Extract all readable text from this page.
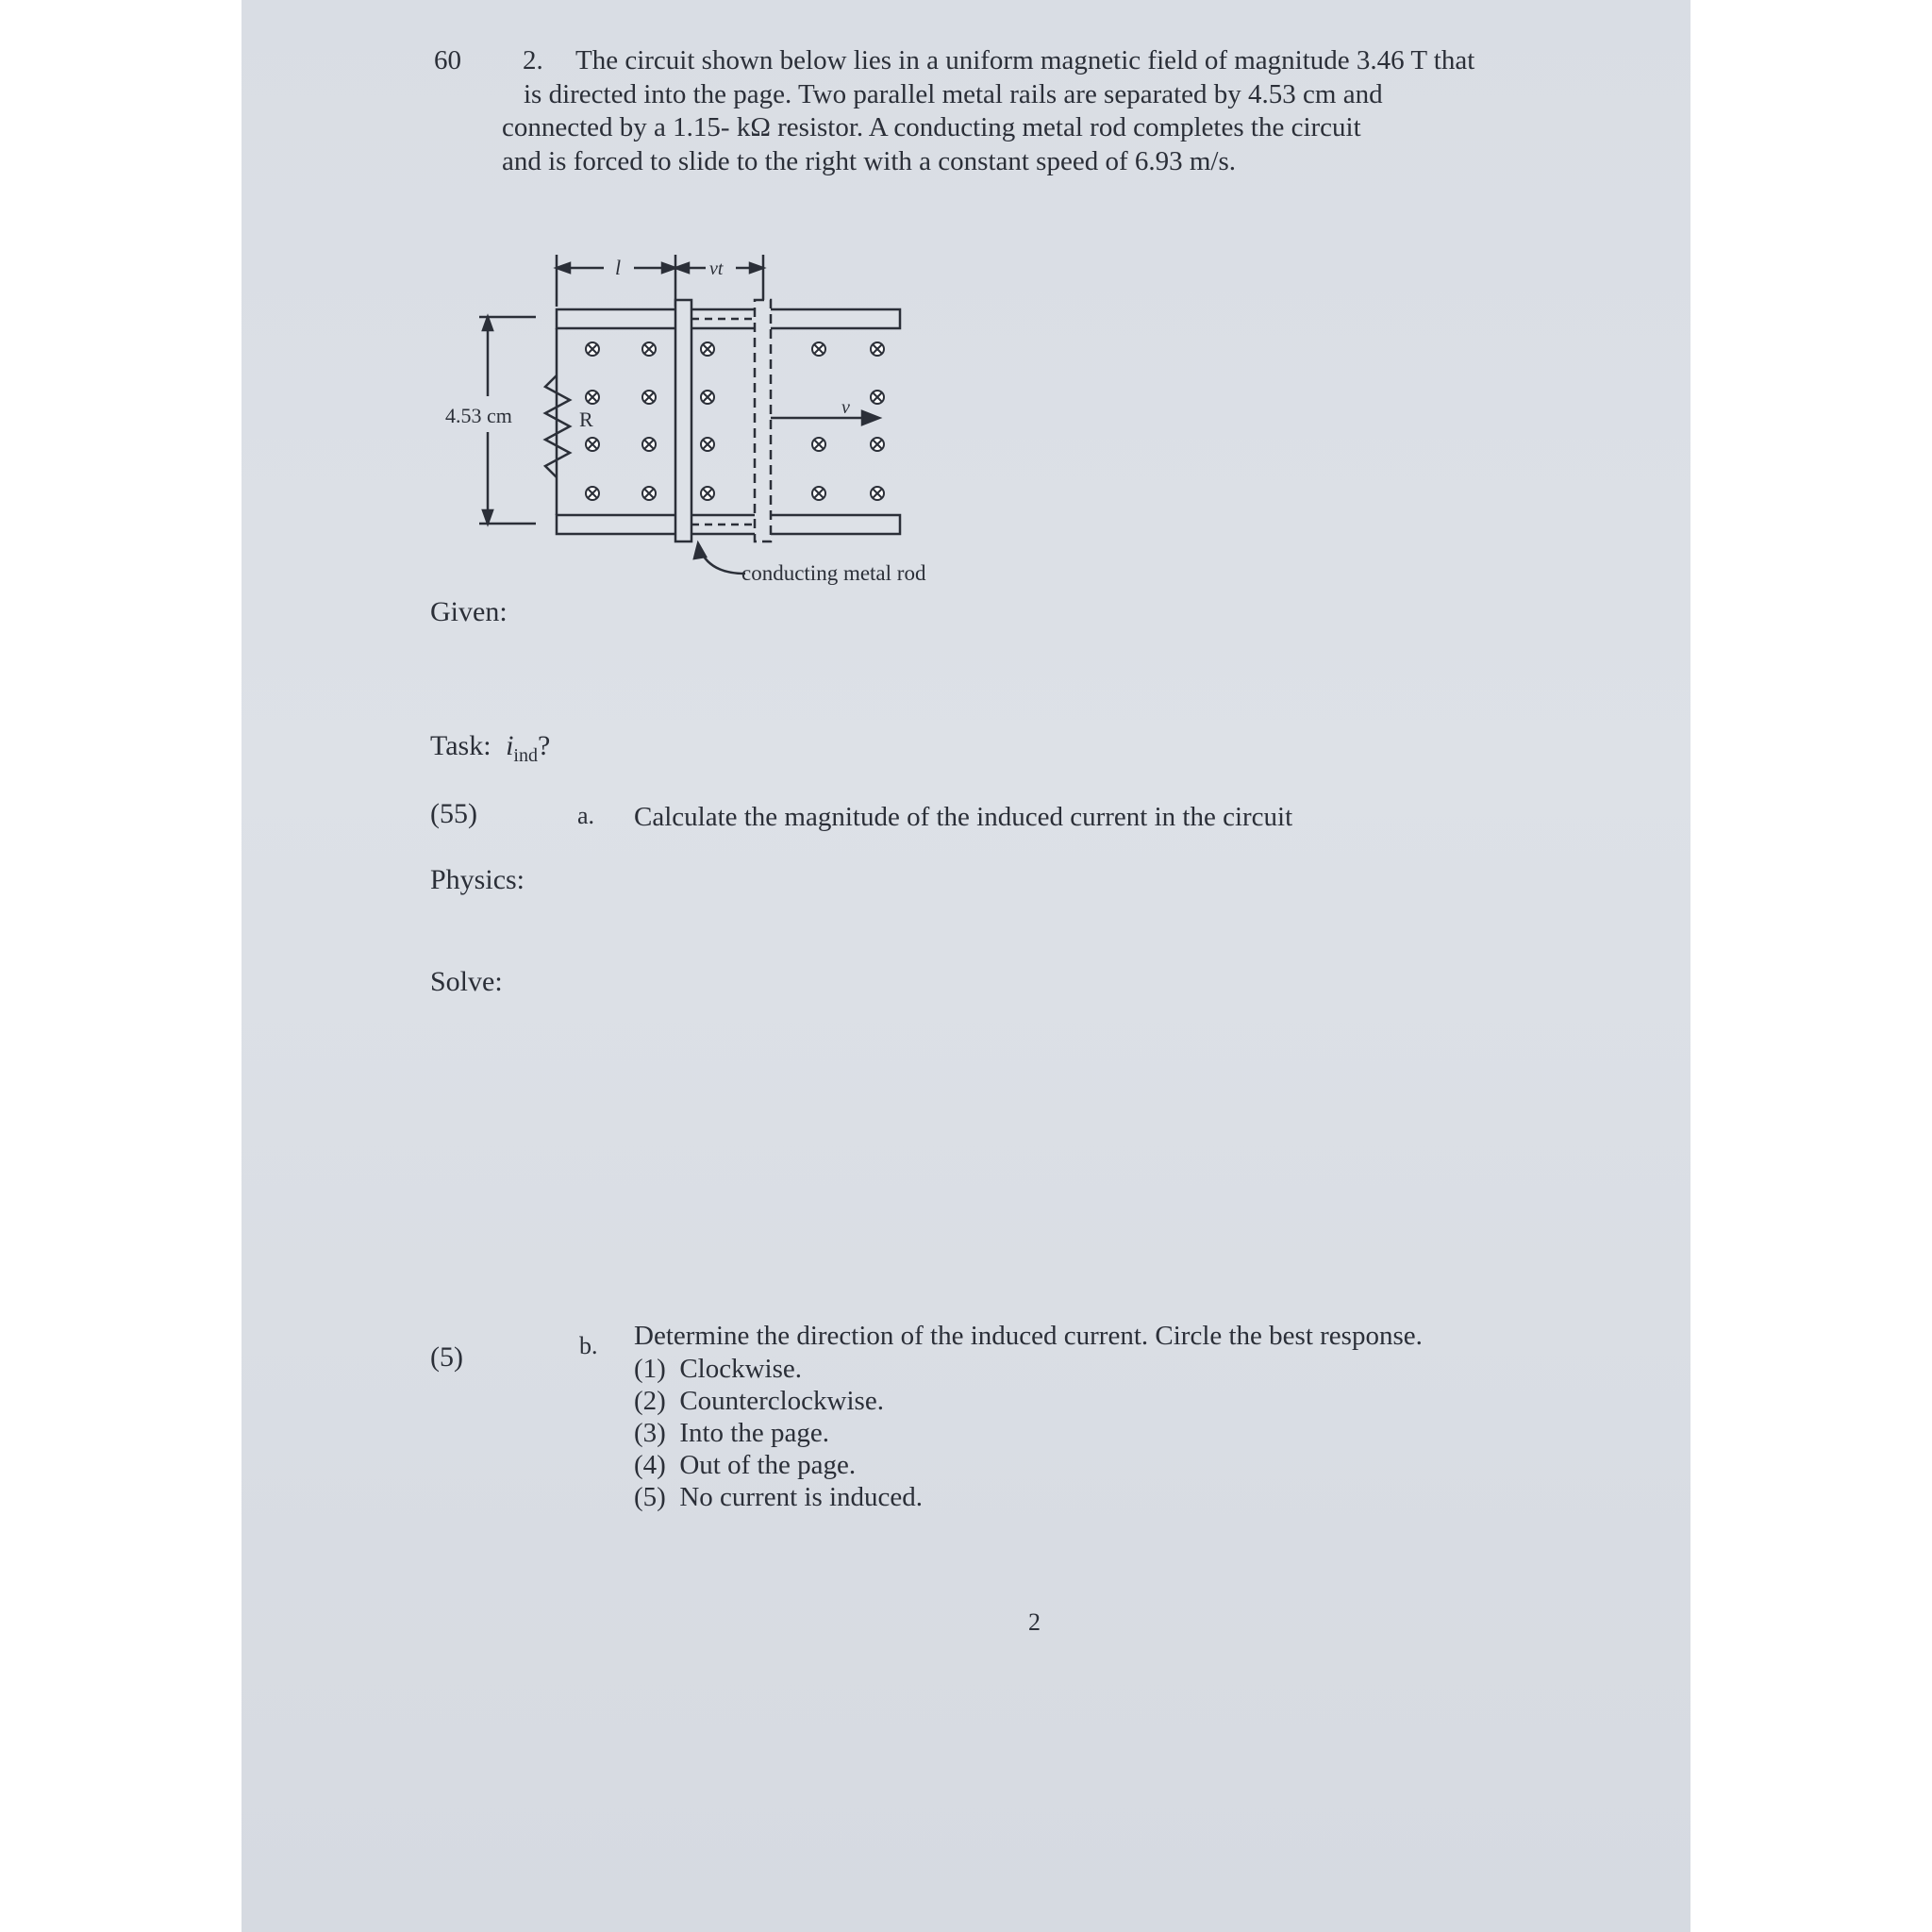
60 2. The circuit shown below lies in a uniform magnetic field of magnitude 3.46 T that
is directed into the page. Two parallel metal rails are separated by 4.53 cm and
connected by a 1.15- kΩ resistor. A conducting metal rod completes the circuit
and is forced to slide to the right with a constant speed of 6.93 m/s.
4.53 cm	R
l	vt
v⃗
conducting metal rod
Given:
Task: $i_{ind}$?
(55)	a. Calculate the magnitude of the induced current in the circuit
Physics:
Solve:
(5)	b. Determine the direction of the induced current. Circle the best response.
(1) Clockwise.
(2) Counterclockwise.
(3) Into the page.
(4) Out of the page.
(5) No current is induced.
2
